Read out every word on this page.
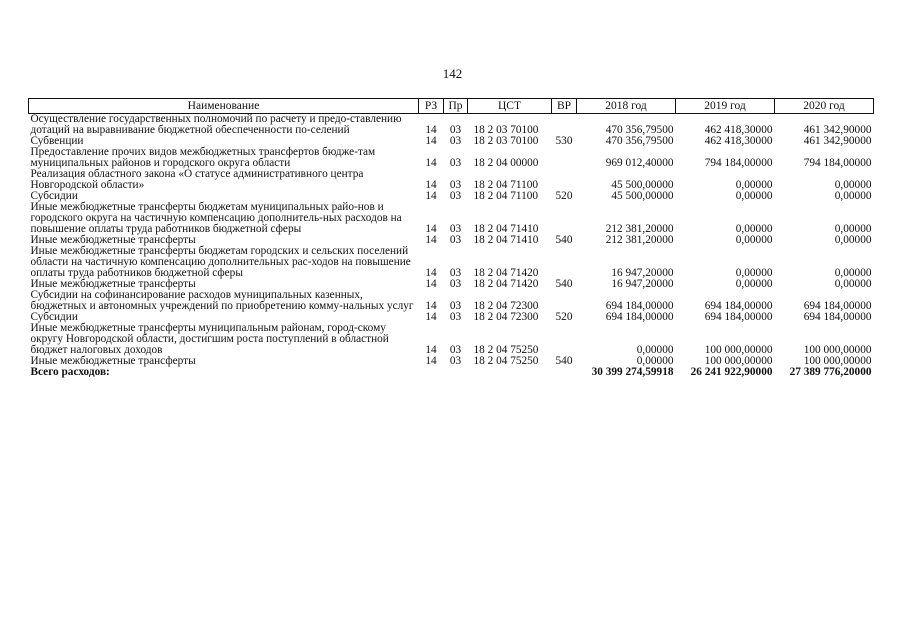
142
Наименование	РЗ	Пр	ЦСТ	ВР	2018 год	2019 год	2020 год
Осуществление государственных полномочий по расчету и предо-ставлению дотаций на выравнивание бюджетной обеспеченности по-селений	14	03	18 2 03 70100		470 356,79500	462 418,30000	461 342,90000
Субвенции	14	03	18 2 03 70100	530	470 356,79500	462 418,30000	461 342,90000
Предоставление прочих видов межбюджетных трансфертов бюдже-там муниципальных районов и городского округа области	14	03	18 2 04 00000		969 012,40000	794 184,00000	794 184,00000
Реализация областного закона «О статусе административного центра Новгородской области»	14	03	18 2 04 71100		45 500,00000	0,00000	0,00000
Субсидии	14	03	18 2 04 71100	520	45 500,00000	0,00000	0,00000
Иные межбюджетные трансферты бюджетам муниципальных райо-нов и городского округа на частичную компенсацию дополнитель-ных расходов на повышение оплаты труда работников бюджетной сферы	14	03	18 2 04 71410		212 381,20000	0,00000	0,00000
Иные межбюджетные трансферты	14	03	18 2 04 71410	540	212 381,20000	0,00000	0,00000
Иные межбюджетные трансферты бюджетам городских и сельских поселений области на частичную компенсацию дополнительных рас-ходов на повышение оплаты труда работников бюджетной сферы	14	03	18 2 04 71420		16 947,20000	0,00000	0,00000
Иные межбюджетные трансферты	14	03	18 2 04 71420	540	16 947,20000	0,00000	0,00000
Субсидии на софинансирование расходов муниципальных казенных, бюджетных и автономных учреждений по приобретению комму-нальных услуг	14	03	18 2 04 72300		694 184,00000	694 184,00000	694 184,00000
Субсидии	14	03	18 2 04 72300	520	694 184,00000	694 184,00000	694 184,00000
Иные межбюджетные трансферты муниципальным районам, город-скому округу Новгородской области, достигшим роста поступлений в областной бюджет налоговых доходов	14	03	18 2 04 75250		0,00000	100 000,00000	100 000,00000
Иные межбюджетные трансферты	14	03	18 2 04 75250	540	0,00000	100 000,00000	100 000,00000
Всего расходов:					30 399 274,59918	26 241 922,90000	27 389 776,20000
